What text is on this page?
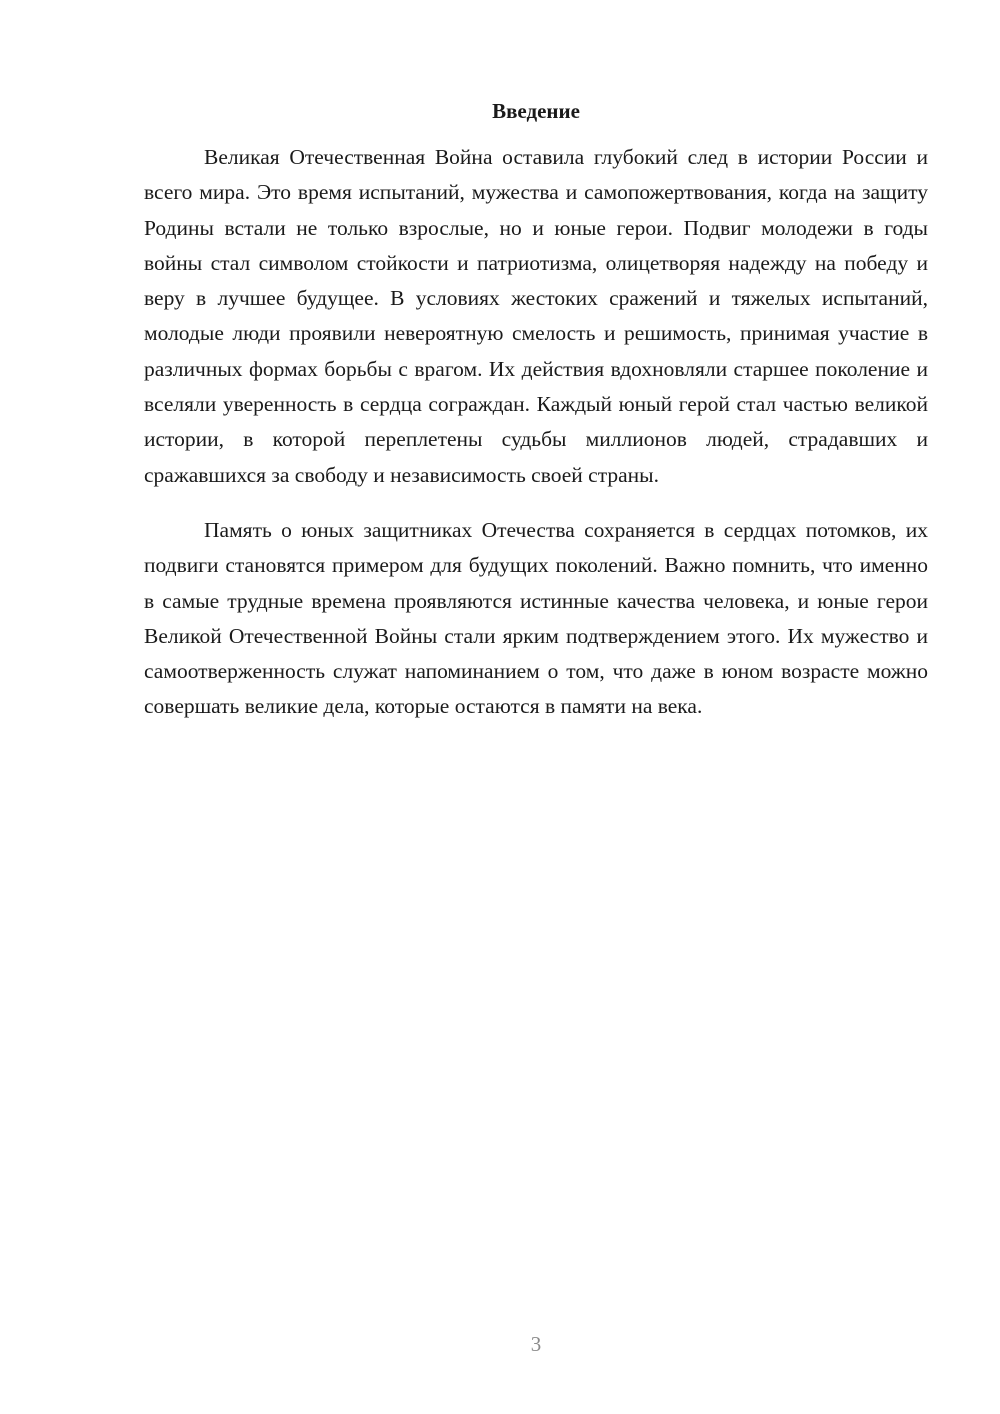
Введение

Великая Отечественная Война оставила глубокий след в истории России и всего мира. Это время испытаний, мужества и самопожертвования, когда на защиту Родины встали не только взрослые, но и юные герои. Подвиг молодежи в годы войны стал символом стойкости и патриотизма, олицетворяя надежду на победу и веру в лучшее будущее. В условиях жестоких сражений и тяжелых испытаний, молодые люди проявили невероятную смелость и решимость, принимая участие в различных формах борьбы с врагом. Их действия вдохновляли старшее поколение и вселяли уверенность в сердца сограждан. Каждый юный герой стал частью великой истории, в которой переплетены судьбы миллионов людей, страдавших и сражавшихся за свободу и независимость своей страны.

Память о юных защитниках Отечества сохраняется в сердцах потомков, их подвиги становятся примером для будущих поколений. Важно помнить, что именно в самые трудные времена проявляются истинные качества человека, и юные герои Великой Отечественной Войны стали ярким подтверждением этого. Их мужество и самоотверженность служат напоминанием о том, что даже в юном возрасте можно совершать великие дела, которые остаются в памяти на века.

3
